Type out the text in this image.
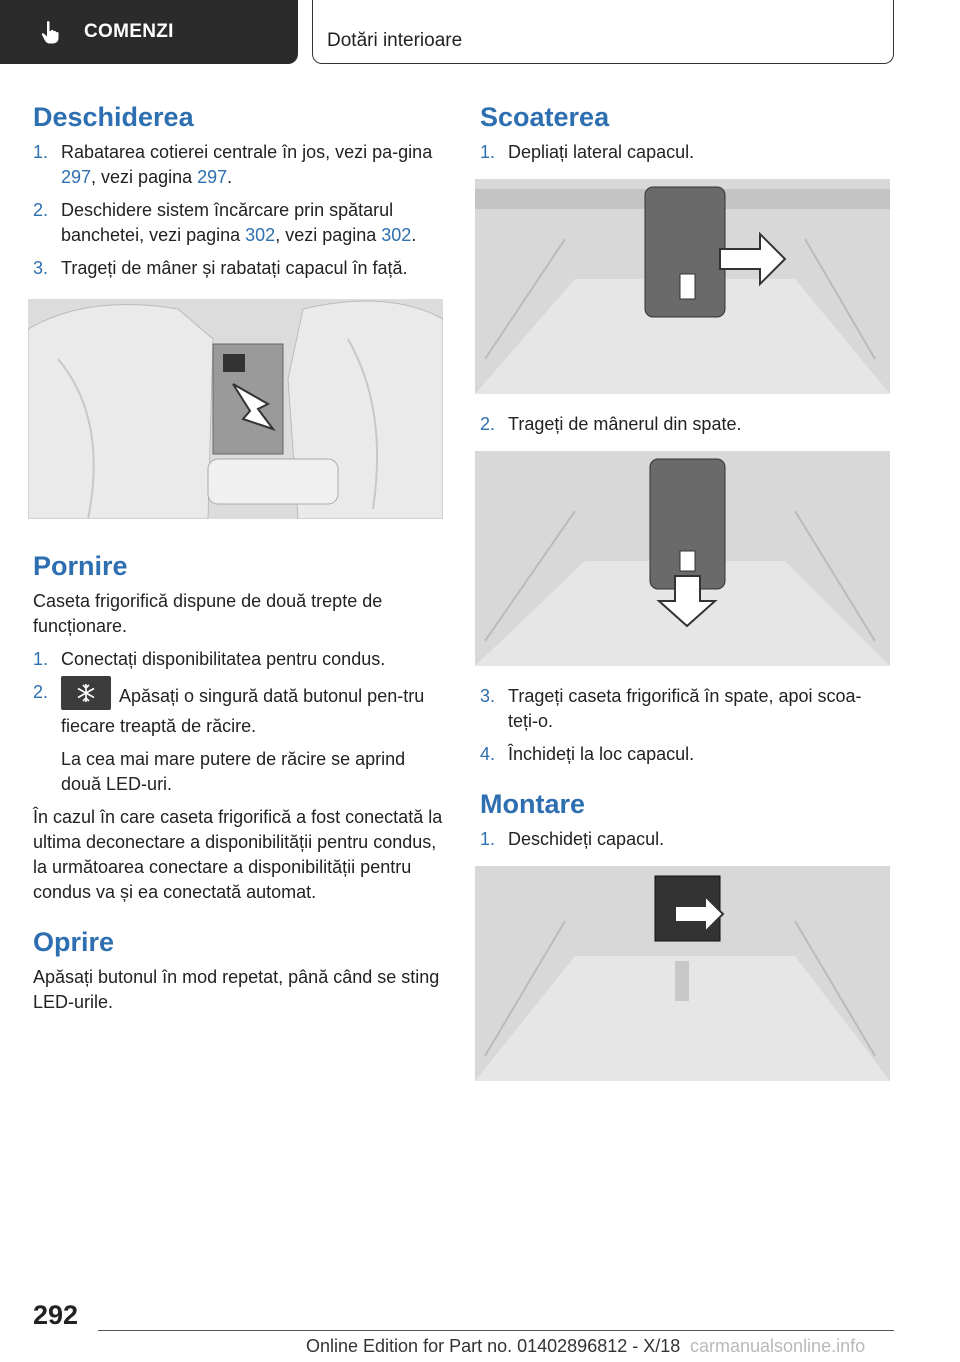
COMENZI	Dotări interioare
Deschiderea
1. Rabatarea cotierei centrale în jos, vezi pa-gina 297, vezi pagina 297.
2. Deschidere sistem încărcare prin spătarul banchetei, vezi pagina 302, vezi pagina 302.
3. Trageți de mâner și rabatați capacul în față.
Pornire

Caseta frigorifică dispune de două trepte de funcționare.

1. Conectați disponibilitatea pentru condus.
2.	Apăsați o singură dată butonul pen-tru fiecare treaptă de răcire.
La cea mai mare putere de răcire se aprind două LED-uri.

În cazul în care caseta frigorifică a fost conectată la ultima deconectare a disponibilității pentru condus, la următoarea conectare a disponibilității pentru condus va și ea conectată automat.

Oprire

Apăsați butonul în mod repetat, până când se sting LED-urile.

Scoaterea
1. Depliați lateral capacul.
2. Trageți de mânerul din spate.
3. Trageți caseta frigorifică în spate, apoi scoa-teți-o.
4. Închideți la loc capacul.
Montare
1. Deschideți capacul.
292
Online Edition for Part no. 01402896812 - X/18 carmanualsonline.info
